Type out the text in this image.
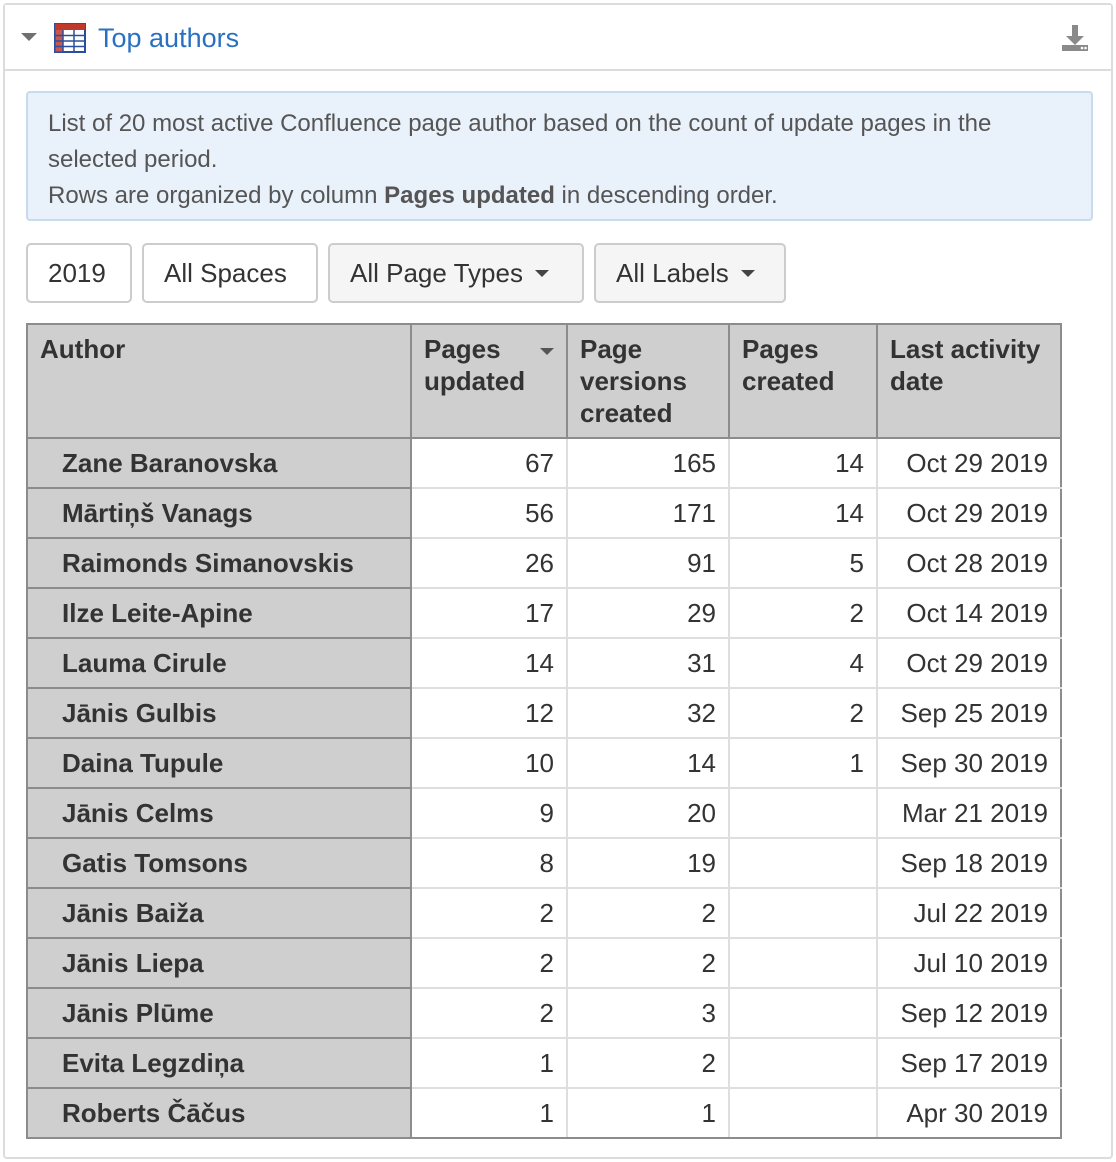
Top authors
List of 20 most active Confluence page author based on the count of update pages in the selected period.
Rows are organized by column Pages updated in descending order.
2019 All Spaces All Page Types	All Labels
Author	Pages updated	Page versions created	Pages created	Last activity date
Zane Baranovska	67	165	14	Oct 29 2019
Mārtiņš Vanags	56	171	14	Oct 29 2019
Raimonds Simanovskis	26	91	5	Oct 28 2019
Ilze Leite-Apine	17	29	2	Oct 14 2019
Lauma Cirule	14	31	4	Oct 29 2019
Jānis Gulbis	12	32	2	Sep 25 2019
Daina Tupule	10	14	1	Sep 30 2019
Jānis Celms	9	20		Mar 21 2019
Gatis Tomsons	8	19		Sep 18 2019
Jānis Baiža	2	2		Jul 22 2019
Jānis Liepa	2	2		Jul 10 2019
Jānis Plūme	2	3		Sep 12 2019
Evita Legzdiņa	1	2		Sep 17 2019
Roberts Čāčus	1	1		Apr 30 2019
